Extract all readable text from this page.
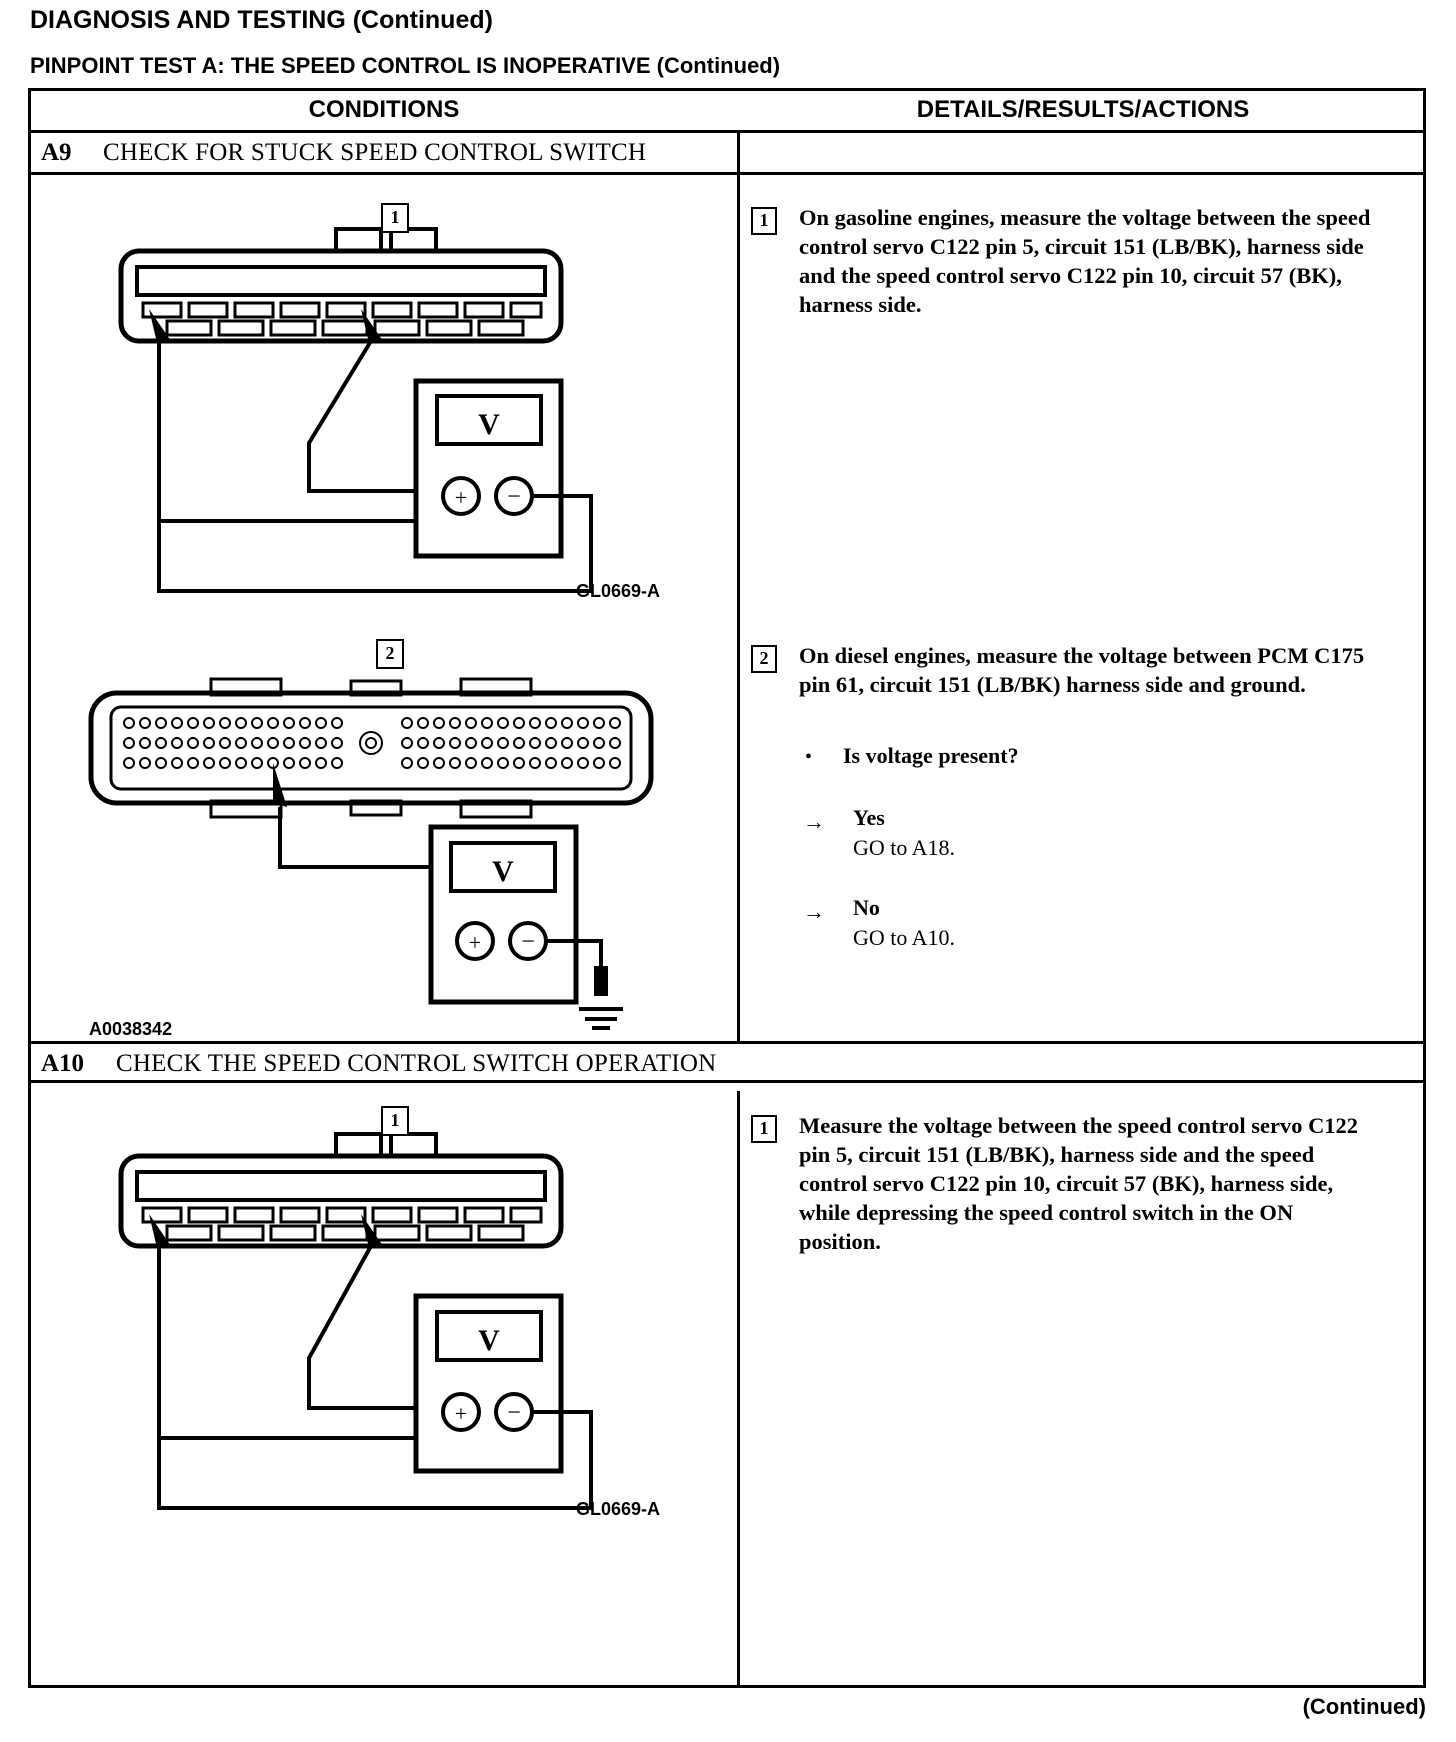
DIAGNOSIS AND TESTING (Continued)
PINPOINT TEST A: THE SPEED CONTROL IS INOPERATIVE (Continued)
CONDITIONS	DETAILS/RESULTS/ACTIONS
A9 CHECK FOR STUCK SPEED CONTROL SWITCH
1
V
+ −
GL0669-A
1	On gasoline engines, measure the voltage between the speed control servo C122 pin 5, circuit 151 (LB/BK), harness side and the speed control servo C122 pin 10, circuit 57 (BK), harness side.

2
V
+ −
A0038342
2	On diesel engines, measure the voltage between PCM C175 pin 61, circuit 151 (LB/BK) harness side and ground.

• Is voltage present?
→ Yes
GO to A18.
→ No
GO to A10.
A10 CHECK THE SPEED CONTROL SWITCH OPERATION
1
V
+ −
GL0669-A
1	Measure the voltage between the speed control servo C122 pin 5, circuit 151 (LB/BK), harness side and the speed control servo C122 pin 10, circuit 57 (BK), harness side, while depressing the speed control switch in the ON position.

(Continued)
